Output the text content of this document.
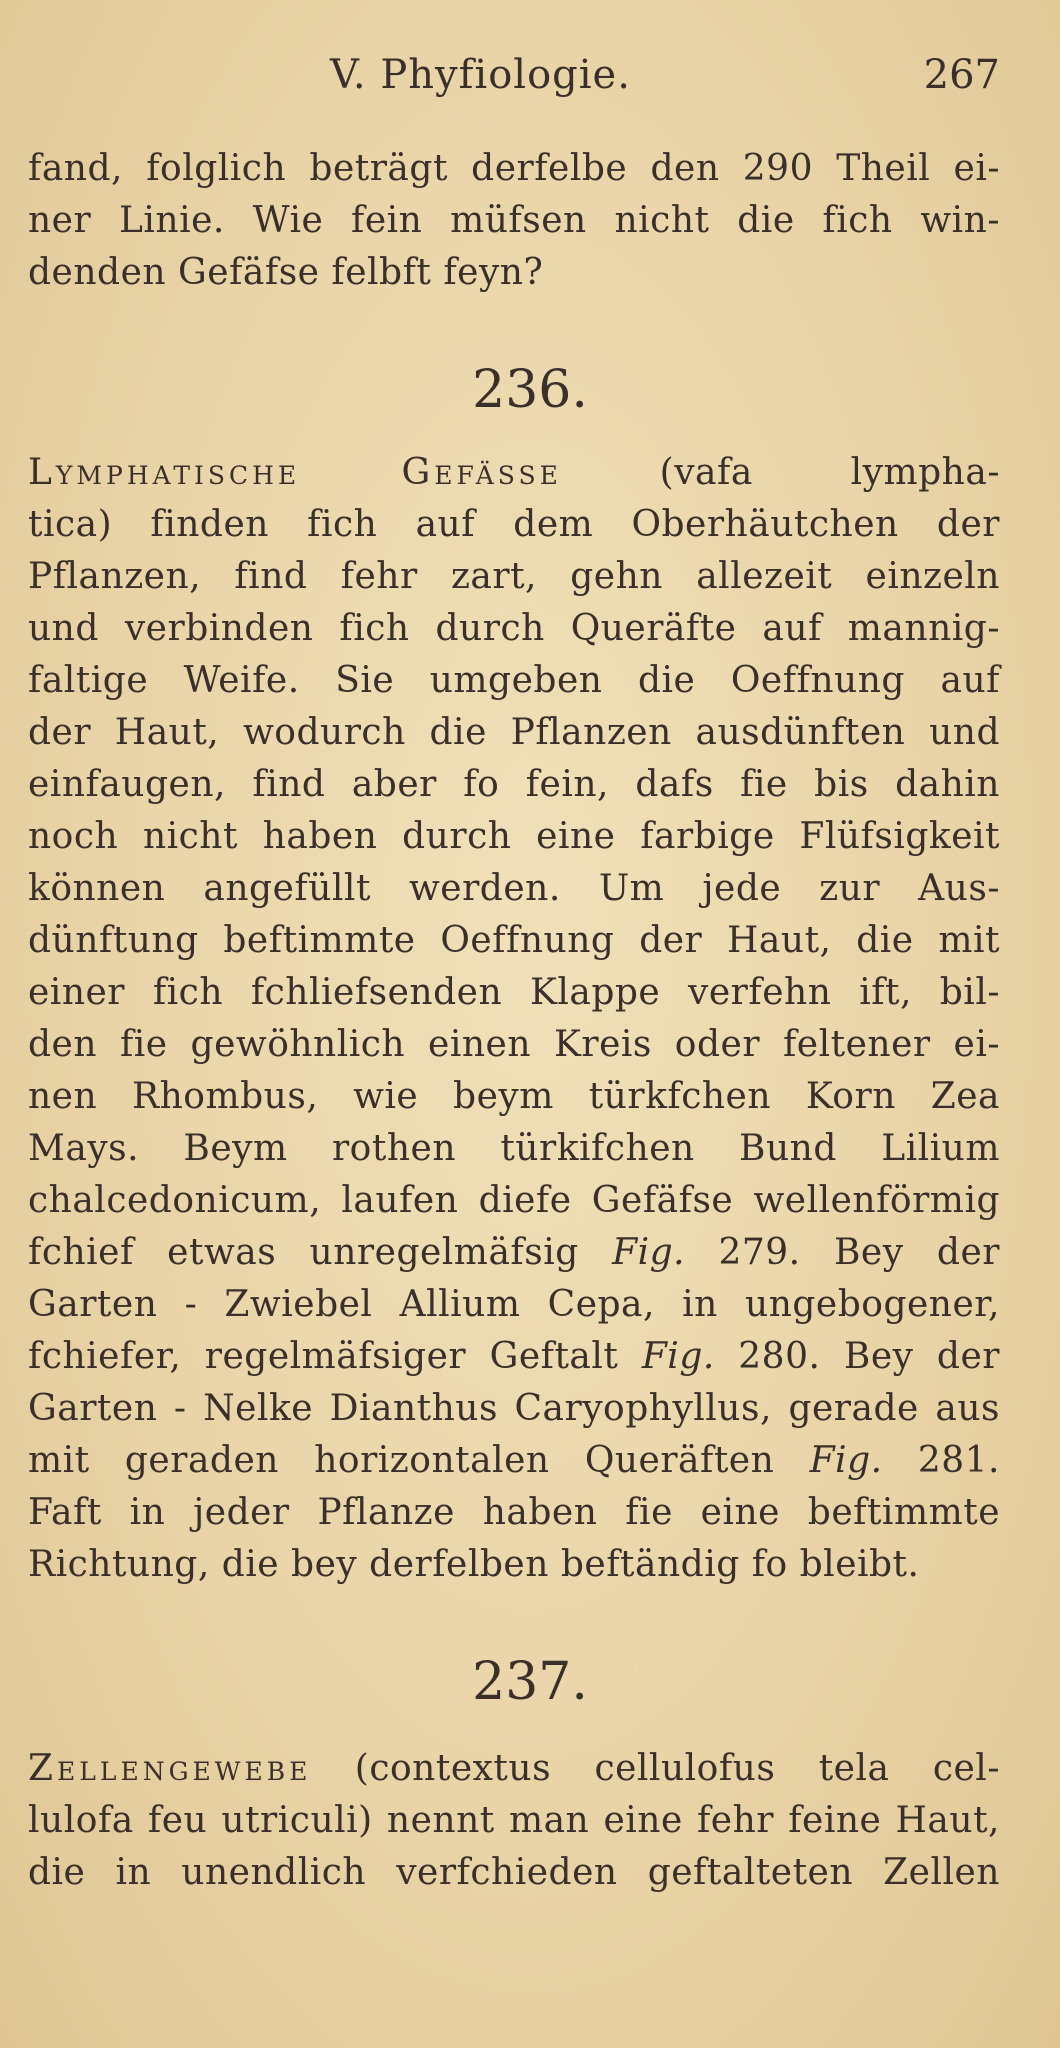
V. Phyfiologie.	267
fand, folglich beträgt derfelbe den 290 Theil ei-
ner Linie. Wie fein müfsen nicht die fich win-
denden Gefäfse felbft feyn?
236.
Lymphatische Gefässe (vafa lympha-
tica) finden fich auf dem Oberhäutchen der
Pflanzen, find fehr zart, gehn allezeit einzeln
und verbinden fich durch Queräfte auf mannig-
faltige Weife. Sie umgeben die Oeffnung auf
der Haut, wodurch die Pflanzen ausdünften und
einfaugen, find aber fo fein, dafs fie bis dahin
noch nicht haben durch eine farbige Flüfsigkeit
können angefüllt werden. Um jede zur Aus-
dünftung beftimmte Oeffnung der Haut, die mit
einer fich fchliefsenden Klappe verfehn ift, bil-
den fie gewöhnlich einen Kreis oder feltener ei-
nen Rhombus, wie beym türkfchen Korn Zea
Mays. Beym rothen türkifchen Bund Lilium
chalcedonicum, laufen diefe Gefäfse wellenförmig
fchief etwas unregelmäfsig Fig. 279. Bey der
Garten - Zwiebel Allium Cepa, in ungebogener,
fchiefer, regelmäfsiger Geftalt Fig. 280. Bey der
Garten - Nelke Dianthus Caryophyllus, gerade aus
mit geraden horizontalen Queräften Fig. 281.
Faft in jeder Pflanze haben fie eine beftimmte
Richtung, die bey derfelben beftändig fo bleibt.
237.
Zellengewebe (contextus cellulofus tela cel-
lulofa feu utriculi) nennt man eine fehr feine Haut,
die in unendlich verfchieden geftalteten Zellen
